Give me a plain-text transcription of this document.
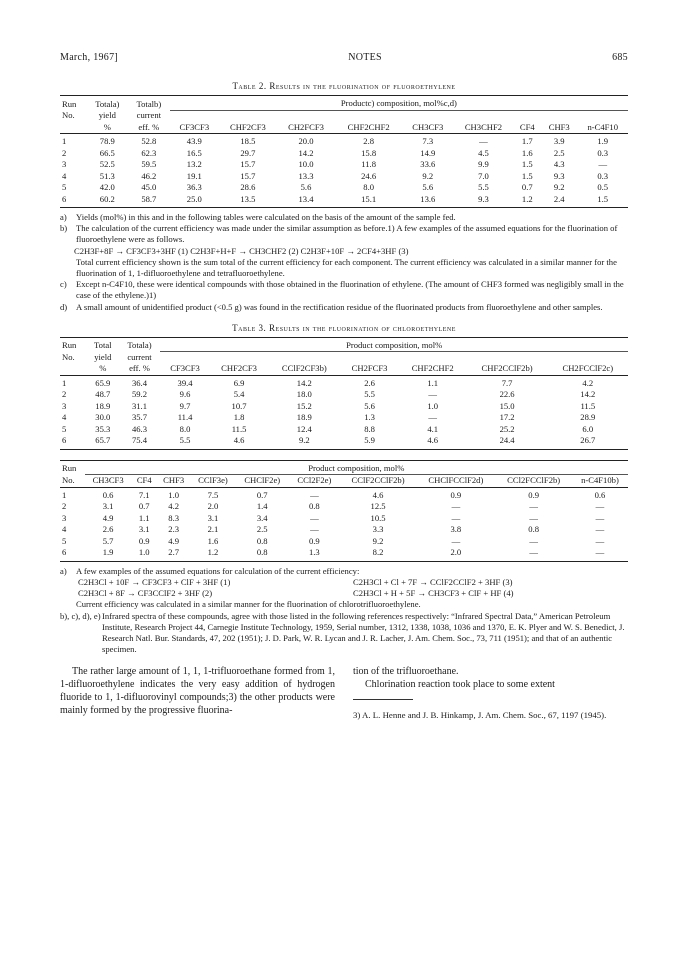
March, 1967]	NOTES	685
Table 2. Results in the fluorination of fluoroethylene
Run	Totala)	Totalb)	Productc) composition, mol%c,d)								
No.	yield	current									
	%	eff. %	CF3CF3	CHF2CF3	CH2FCF3	CHF2CHF2	CH3CF3	CH3CHF2	CF4	CHF3	n-C4F10
1	78.9	52.8	43.9	18.5	20.0	2.8	7.3	—	1.7	3.9	1.9
2	66.5	62.3	16.5	29.7	14.2	15.8	14.9	4.5	1.6	2.5	0.3
3	52.5	59.5	13.2	15.7	10.0	11.8	33.6	9.9	1.5	4.3	—
4	51.3	46.2	19.1	15.7	13.3	24.6	9.2	7.0	1.5	9.3	0.3
5	42.0	45.0	36.3	28.6	5.6	8.0	5.6	5.5	0.7	9.2	0.5
6	60.2	58.7	25.0	13.5	13.4	15.1	13.6	9.3	1.2	2.4	1.5
a)	Yields (mol%) in this and in the following tables were calculated on the basis of the amount of the sample fed.
b)	The calculation of the current efficiency was made under the similar assumption as before.1) A few examples of the assumed equations for the fluorination of fluoroethylene were as follows.
C2H3F+8F → CF3CF3+3HF (1) C2H3F+H+F → CH3CHF2 (2) C2H3F+10F → 2CF4+3HF (3)
Total current efficiency shown is the sum total of the current efficiency for each component. The current efficiency was calculated in a similar manner for the fluorination of 1, 1-difluoroethylene and tetrafluoroethylene.
c)	Except n-C4F10, these were identical compounds with those obtained in the fluorination of ethylene. (The amount of CHF3 formed was negligibly small in the case of the ethylene.)1)
d)	A small amount of unidentified product (<0.5 g) was found in the rectification residue of the fluorinated products from fluoroethylene and other samples.
Table 3. Results in the fluorination of chloroethylene
Run	Total	Totala)	Product composition, mol%						
No.	yield	current							
	%	eff. %	CF3CF3	CHF2CF3	CClF2CF3b)	CH2FCF3	CHF2CHF2	CHF2CClF2b)	CH2FCClF2c)
1	65.9	36.4	39.4	6.9	14.2	2.6	1.1	7.7	4.2
2	48.7	59.2	9.6	5.4	18.0	5.5	—	22.6	14.2
3	18.9	31.1	9.7	10.7	15.2	5.6	1.0	15.0	11.5
4	30.0	35.7	11.4	1.8	18.9	1.3	—	17.2	28.9
5	35.3	46.3	8.0	11.5	12.4	8.8	4.1	25.2	6.0
6	65.7	75.4	5.5	4.6	9.2	5.9	4.6	24.4	26.7
Run	Product composition, mol%									
No.	CH3CF3	CF4	CHF3	CClF3e)	CHClF2e)	CCl2F2e)	CClF2CClF2b)	CHClFCClF2d)	CCl2FCClF2b)	n-C4F10b)
1	0.6	7.1	1.0	7.5	0.7	—	4.6	0.9	0.9	0.6
2	3.1	0.7	4.2	2.0	1.4	0.8	12.5	—	—	—
3	4.9	1.1	8.3	3.1	3.4	—	10.5	—	—	—
4	2.6	3.1	2.3	2.1	2.5	—	3.3	3.8	0.8	—
5	5.7	0.9	4.9	1.6	0.8	0.9	9.2	—	—	—
6	1.9	1.0	2.7	1.2	0.8	1.3	8.2	2.0	—	—
a)	A few examples of the assumed equations for calculation of the current efficiency:
C2H3Cl + 10F → CF3CF3 + ClF + 3HF (1)	C2H3Cl + Cl + 7F → CClF2CClF2 + 3HF (3)
C2H3Cl + 8F → CF3CClF2 + 3HF (2)	C2H3Cl + H + 5F → CH3CF3 + ClF + HF (4)
Current efficiency was calculated in a similar manner for the fluorination of chlorotrifluoroethylene.
b), c), d), e) Infrared spectra of these compounds, agree with those listed in the following references respectively: “Infrared Spectral Data,” American Petroleum Institute, Research Project 44, Carnegie Institute Technology, 1959, Serial number, 1312, 1338, 1038, 1036 and 1370, E. K. Plyer and W. S. Benedict, J. Research Natl. Bur. Standards, 47, 202 (1951); J. D. Park, W. R. Lycan and J. R. Lacher, J. Am. Chem. Soc., 73, 711 (1951); and that of an authentic specimen.
The rather large amount of 1, 1, 1-trifluoroethane formed from 1, 1-difluoroethylene indicates the very easy addition of hydrogen fluoride to 1, 1-difluorovinyl compounds;3) the other products were mainly formed by the progressive fluorina-
tion of the trifluoroethane.
Chlorination reaction took place to some extent
3) A. L. Henne and J. B. Hinkamp, J. Am. Chem. Soc., 67, 1197 (1945).
